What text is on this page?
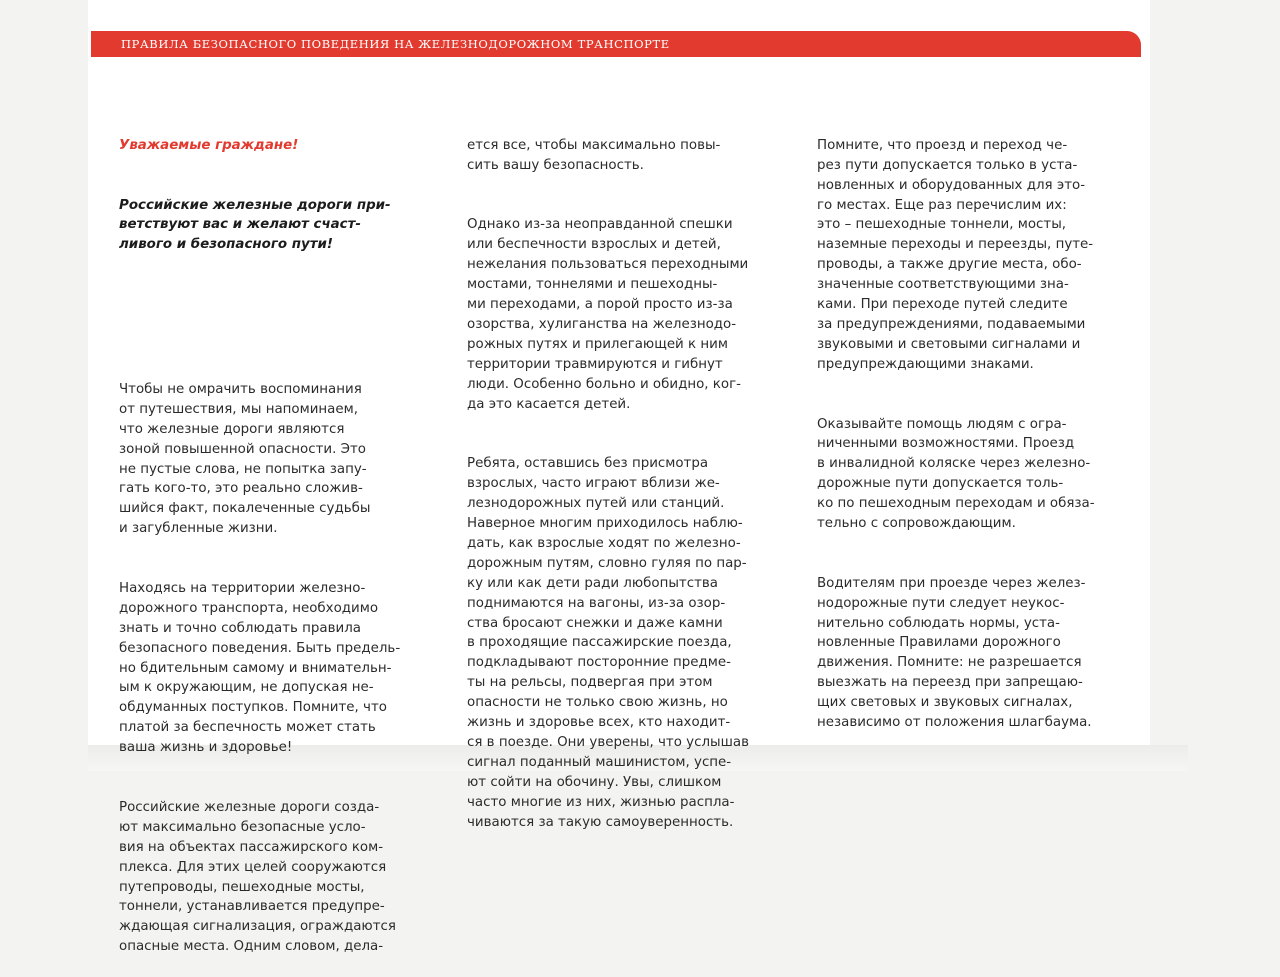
ПРАВИЛА БЕЗОПАСНОГО ПОВЕДЕНИЯ НА ЖЕЛЕЗНОДОРОЖНОМ ТРАНСПОРТЕ

Уважаемые граждане!

Российские железные дороги при-
ветствуют вас и желают счаст-
ливого и безопасного пути!

Чтобы не омрачить воспоминания
от путешествия, мы напоминаем,
что железные дороги являются
зоной повышенной опасности. Это
не пустые слова, не попытка запу-
гать кого-то, это реально сложив-
шийся факт, покалеченные судьбы
и загубленные жизни.

Находясь на территории железно-
дорожного транспорта, необходимо
знать и точно соблюдать правила
безопасного поведения. Быть предель-
но бдительным самому и внимательн-
ым к окружающим, не допуская не-
обдуманных поступков. Помните, что
платой за беспечность может стать
ваша жизнь и здоровье!

Российские железные дороги созда-
ют максимально безопасные усло-
вия на объектах пассажирского ком-
плекса. Для этих целей сооружаются
путепроводы, пешеходные мосты,
тоннели, устанавливается предупре-
ждающая сигнализация, ограждаются
опасные места. Одним словом, дела-

ется все, чтобы максимально повы-
сить вашу безопасность.

Однако из-за неоправданной спешки
или беспечности взрослых и детей,
нежелания пользоваться переходными
мостами, тоннелями и пешеходны-
ми переходами, а порой просто из-за
озорства, хулиганства на железнодо-
рожных путях и прилегающей к ним
территории травмируются и гибнут
люди. Особенно больно и обидно, ког-
да это касается детей.

Ребята, оставшись без присмотра
взрослых, часто играют вблизи же-
лезнодорожных путей или станций.
Наверное многим приходилось наблю-
дать, как взрослые ходят по железно-
дорожным путям, словно гуляя по пар-
ку или как дети ради любопытства
поднимаются на вагоны, из-за озор-
ства бросают снежки и даже камни
в проходящие пассажирские поезда,
подкладывают посторонние предме-
ты на рельсы, подвергая при этом
опасности не только свою жизнь, но
жизнь и здоровье всех, кто находит-
ся в поезде. Они уверены, что услышав
сигнал поданный машинистом, успе-
ют сойти на обочину. Увы, слишком
часто многие из них, жизнью распла-
чиваются за такую самоуверенность.

Помните, что проезд и переход че-
рез пути допускается только в уста-
новленных и оборудованных для это-
го местах. Еще раз перечислим их:
это – пешеходные тоннели, мосты,
наземные переходы и переезды, путе-
проводы, а также другие места, обо-
значенные соответствующими зна-
ками. При переходе путей следите
за предупреждениями, подаваемыми
звуковыми и световыми сигналами и
предупреждающими знаками.

Оказывайте помощь людям с огра-
ниченными возможностями. Проезд
в инвалидной коляске через железно-
дорожные пути допускается толь-
ко по пешеходным переходам и обяза-
тельно с сопровождающим.

Водителям при проезде через желез-
нодорожные пути следует неукос-
нительно соблюдать нормы, уста-
новленные Правилами дорожного
движения. Помните: не разрешается
выезжать на переезд при запрещаю-
щих световых и звуковых сигналах,
независимо от положения шлагбаума.
